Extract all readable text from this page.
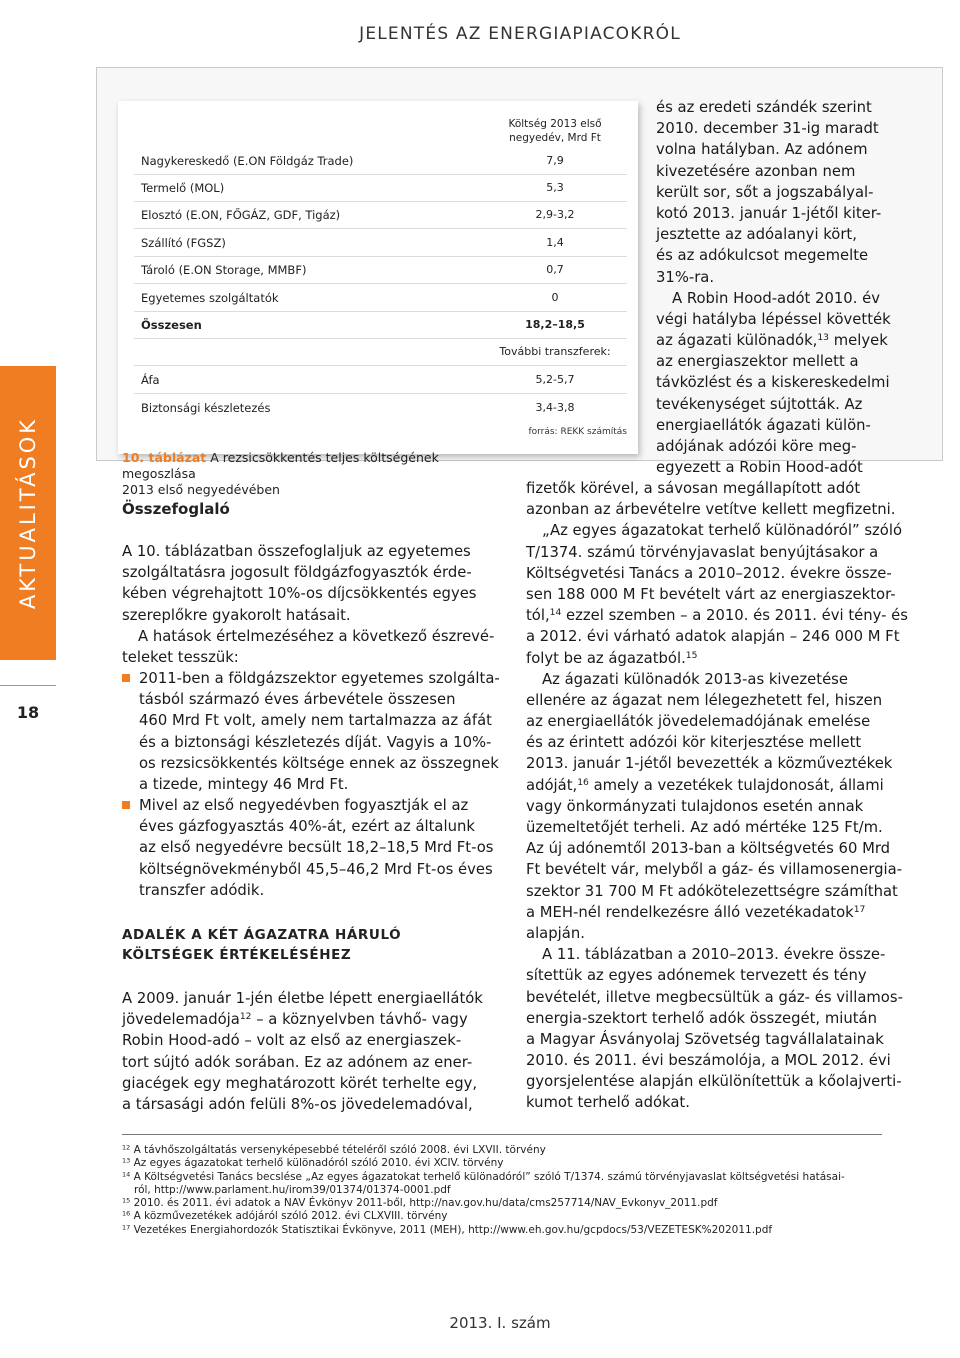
JELENTÉS AZ ENERGIAPIACOKRÓL
AKTUALITÁSOK
18
Költség 2013 első
negyedév, Mrd Ft
Nagykereskedő (E.ON Földgáz Trade)	7,9
Termelő (MOL)	5,3
Elosztó (E.ON, FŐGÁZ, GDF, Tigáz)	2,9-3,2
Szállító (FGSZ)	1,4
Tároló (E.ON Storage, MMBF)	0,7
Egyetemes szolgáltatók	0
Összesen	18,2–18,5
További transzferek:
Áfa	5,2-5,7
Biztonsági készletezés	3,4-3,8
forrás: REKK számítás
10. táblázat A rezsicsökkentés teljes költségének megoszlása
2013 első negyedévében
Összefoglaló
A 10. táblázatban összefoglaljuk az egyetemes
szolgáltatásra jogosult földgázfogyasztók érde-
kében végrehajtott 10%-os díjcsökkentés egyes
szereplőkre gyakorolt hatásait.
A hatások értelmezéséhez a következő észrevé-
teleket tesszük:
2011-ben a földgázszektor egyetemes szolgálta-
tásból származó éves árbevétele összesen
460 Mrd Ft volt, amely nem tartalmazza az áfát
és a biztonsági készletezés díját. Vagyis a 10%-
os rezsicsökkentés költsége ennek az összegnek
a tizede, mintegy 46 Mrd Ft.
Mivel az első negyedévben fogyasztják el az
éves gázfogyasztás 40%-át, ezért az általunk
az első negyedévre becsült 18,2–18,5 Mrd Ft-os
költségnövekményből 45,5–46,2 Mrd Ft-os éves
transzfer adódik.
ADALÉK A KÉT ÁGAZATRA HÁRULÓ
KÖLTSÉGEK ÉRTÉKELÉSÉHEZ
A 2009. január 1-jén életbe lépett energiaellátók
jövedelemadója$^{12}$ – a köznyelvben távhő- vagy
Robin Hood-adó – volt az első az energiaszek-
tort sújtó adók sorában. Ez az adónem az ener-
giacégek egy meghatározott körét terhelte egy,
a társasági adón felüli 8%-os jövedelemadóval,
és az eredeti szándék szerint
2010. december 31-ig maradt
volna hatályban. Az adónem
kivezetésére azonban nem
került sor, sőt a jogszabályal-
kotó 2013. január 1-jétől kiter-
jesztette az adóalanyi kört,
és az adókulcsot megemelte
31%-ra.
A Robin Hood-adót 2010. év
végi hatályba lépéssel követték
az ágazati különadók,$^{13}$ melyek
az energiaszektor mellett a
távközlést és a kiskereskedelmi
tevékenységet sújtották. Az
energiaellátók ágazati külön-
adójának adózói köre meg-
egyezett a Robin Hood-adót
fizetők körével, a sávosan megállapított adót
azonban az árbevételre vetítve kellett megfizetni.
„Az egyes ágazatokat terhelő különadóról” szóló
T/1374. számú törvényjavaslat benyújtásakor a
Költségvetési Tanács a 2010–2012. évekre össze-
sen 188 000 M Ft bevételt várt az energiaszektor-
tól,$^{14}$ ezzel szemben – a 2010. és 2011. évi tény- és
a 2012. évi várható adatok alapján – 246 000 M Ft
folyt be az ágazatból.$^{15}$
Az ágazati különadók 2013-as kivezetése
ellenére az ágazat nem lélegezhetett fel, hiszen
az energiaellátók jövedelemadójának emelése
és az érintett adózói kör kiterjesztése mellett
2013. január 1-jétől bevezették a közműveztékek
adóját,$^{16}$ amely a vezetékek tulajdonosát, állami
vagy önkormányzati tulajdonos esetén annak
üzemeltetőjét terheli. Az adó mértéke 125 Ft/m.
Az új adónemtől 2013-ban a költségvetés 60 Mrd
Ft bevételt vár, melyből a gáz- és villamosenergia-
szektor 31 700 M Ft adókötelezettségre számíthat
a MEH-nél rendelkezésre álló vezetékadatok$^{17}$
alapján.
A 11. táblázatban a 2010–2013. évekre össze-
sítettük az egyes adónemek tervezett és tény
bevételét, illetve megbecsültük a gáz- és villamos-
energia-szektort terhelő adók összegét, miután
a Magyar Ásványolaj Szövetség tagvállalatainak
2010. és 2011. évi beszámolója, a MOL 2012. évi
gyorsjelentése alapján elkülönítettük a kőolajverti-
kumot terhelő adókat.
$^{12}$ A távhőszolgáltatás versenyképesebbé tételéről szóló 2008. évi LXVII. törvény
$^{13}$ Az egyes ágazatokat terhelő különadóról szóló 2010. évi XCIV. törvény
$^{14}$ A Költségvetési Tanács becslése „Az egyes ágazatokat terhelő különadóról” szóló T/1374. számú törvényjavaslat költségvetési hatásai-
ról, http://www.parlament.hu/irom39/01374/01374-0001.pdf
$^{15}$ 2010. és 2011. évi adatok a NAV Évkönyv 2011-ből, http://nav.gov.hu/data/cms257714/NAV_Evkonyv_2011.pdf
$^{16}$ A közművezetékek adójáról szóló 2012. évi CLXVIII. törvény
$^{17}$ Vezetékes Energiahordozók Statisztikai Évkönyve, 2011 (MEH), http://www.eh.gov.hu/gcpdocs/53/VEZETESK%202011.pdf
2013. I. szám
